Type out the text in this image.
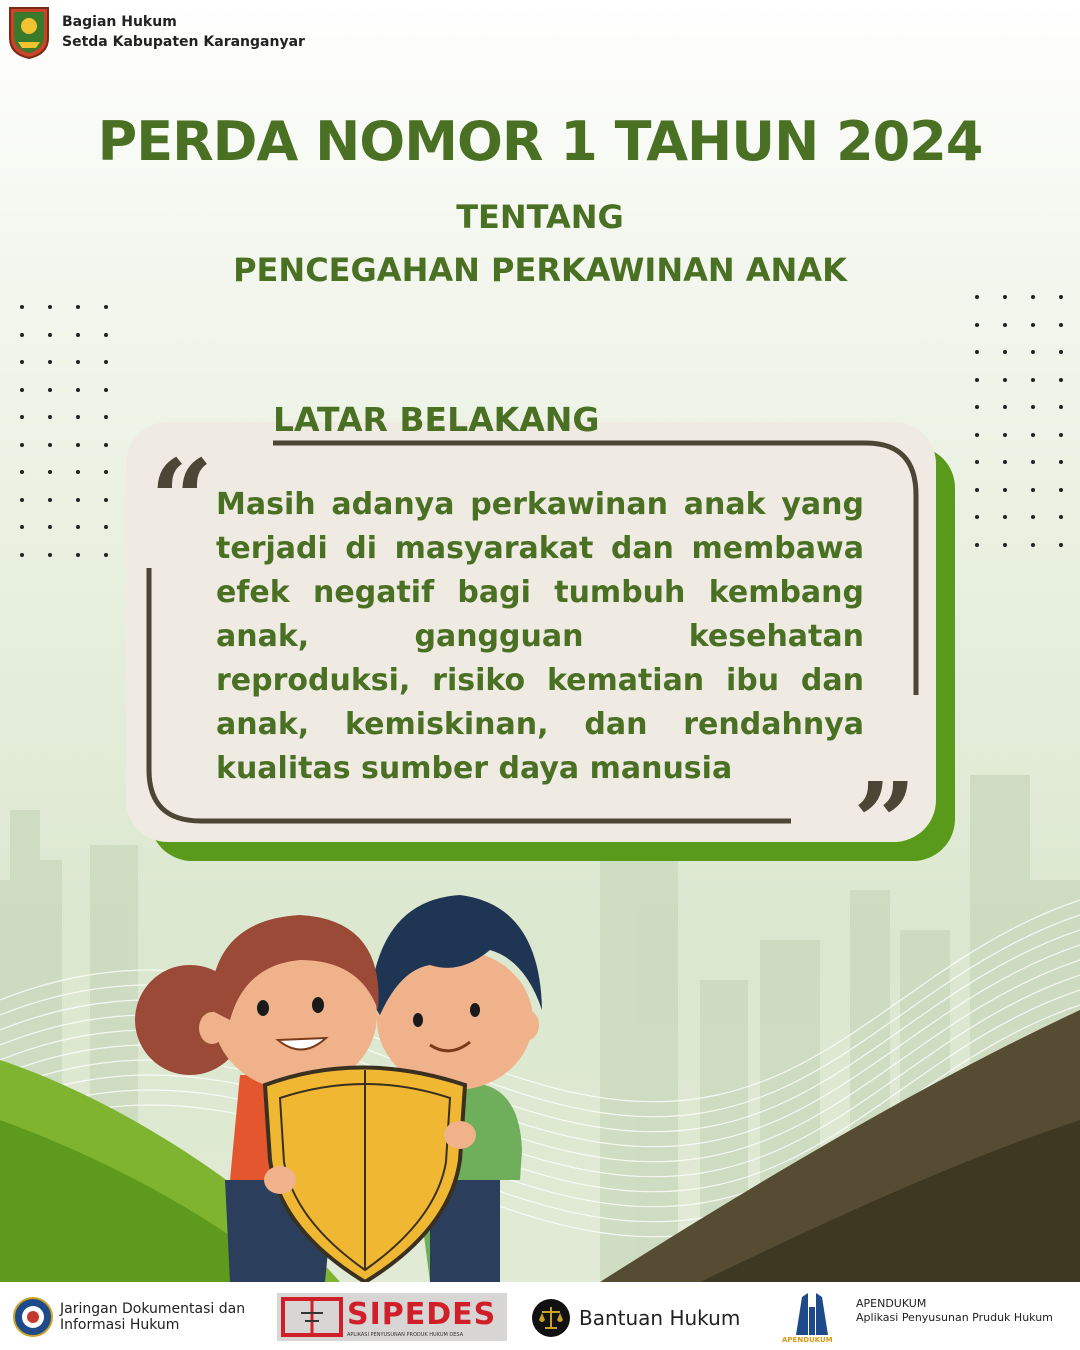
Bagian Hukum
Setda Kabupaten Karanganyar
PERDA NOMOR 1 TAHUN 2024
TENTANG
PENCEGAHAN PERKAWINAN ANAK
LATAR BELAKANG
“
”
Masih adanya perkawinan anak yang terjadi di masyarakat dan membawa efek negatif bagi tumbuh kembang anak, gangguan kesehatan reproduksi, risiko kematian ibu dan anak, kemiskinan, dan rendahnya kualitas sumber daya manusia
Jaringan Dokumentasi dan
Informasi Hukum	SIPEDES
APLIKASI PENYUSUNAN PRODUK HUKUM DESA
Bantuan Hukum
APENDUKUM
APENDUKUM
Aplikasi Penyusunan Pruduk Hukum
